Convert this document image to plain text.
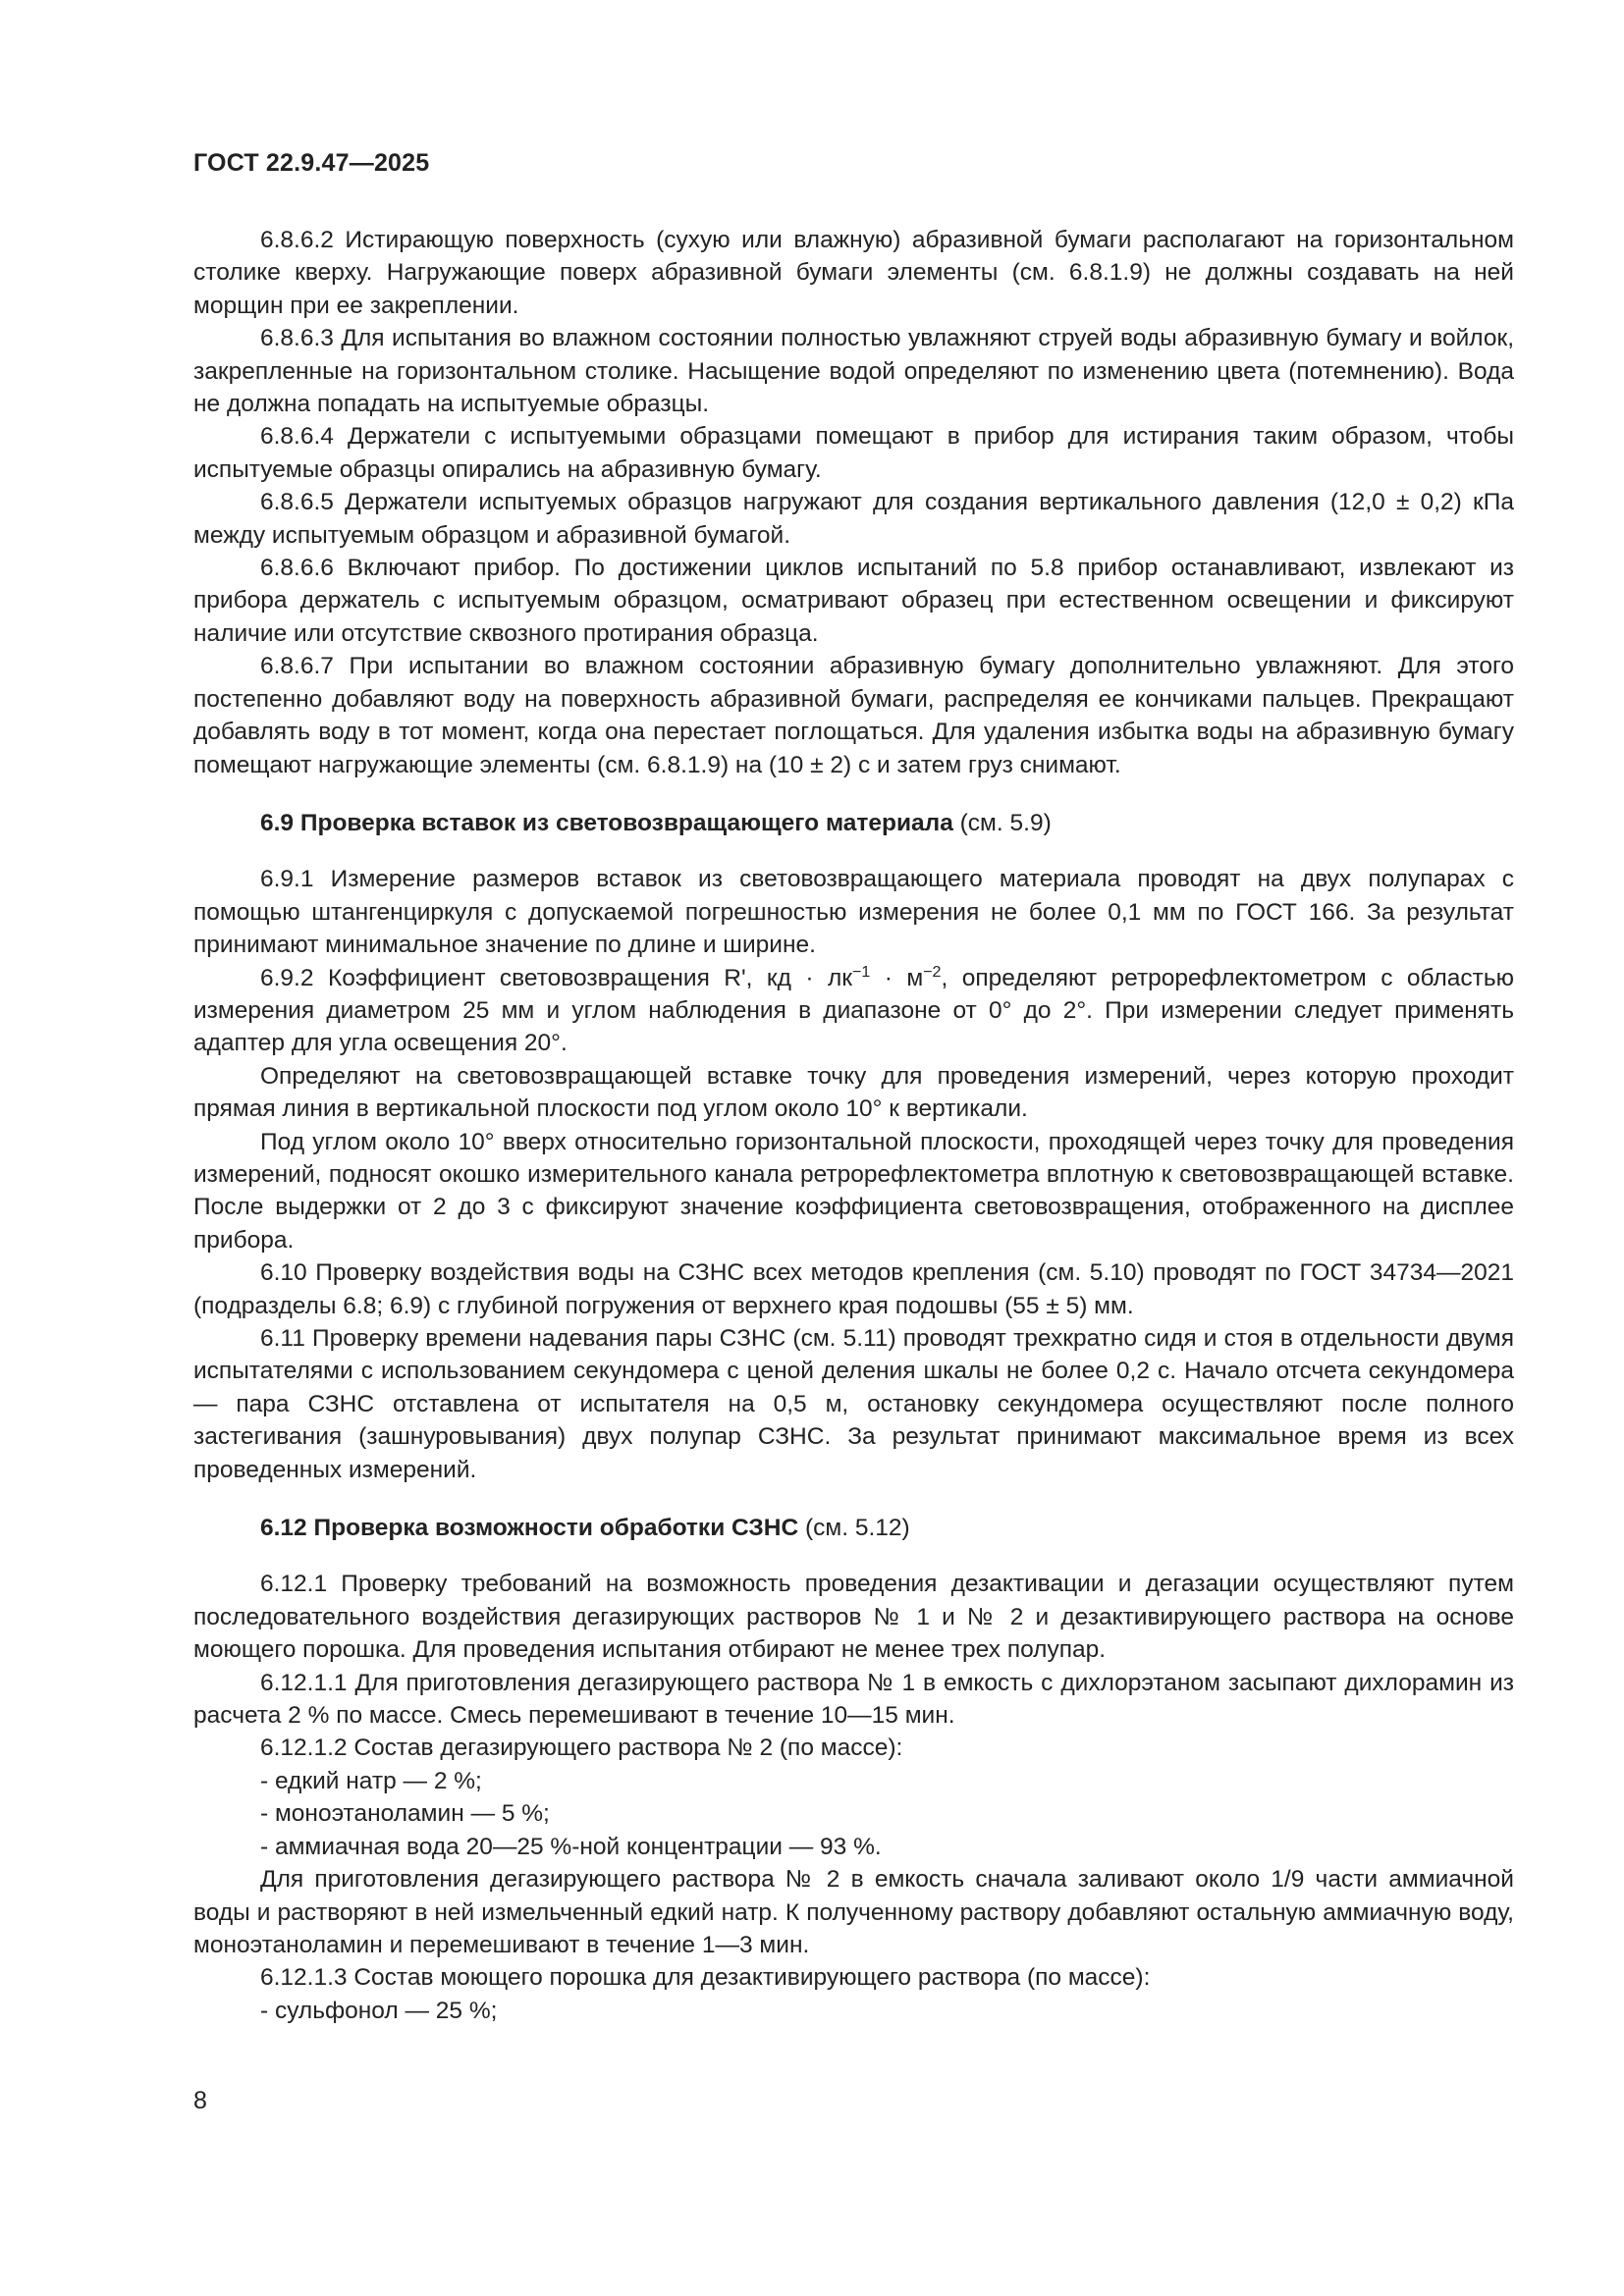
ГОСТ 22.9.47—2025

6.8.6.2 Истирающую поверхность (сухую или влажную) абразивной бумаги располагают на горизонтальном столике кверху. Нагружающие поверх абразивной бумаги элементы (см. 6.8.1.9) не должны создавать на ней морщин при ее закреплении.

6.8.6.3 Для испытания во влажном состоянии полностью увлажняют струей воды абразивную бумагу и войлок, закрепленные на горизонтальном столике. Насыщение водой определяют по изменению цвета (потемнению). Вода не должна попадать на испытуемые образцы.

6.8.6.4 Держатели с испытуемыми образцами помещают в прибор для истирания таким образом, чтобы испытуемые образцы опирались на абразивную бумагу.

6.8.6.5 Держатели испытуемых образцов нагружают для создания вертикального давления (12,0 ± 0,2) кПа между испытуемым образцом и абразивной бумагой.

6.8.6.6 Включают прибор. По достижении циклов испытаний по 5.8 прибор останавливают, извлекают из прибора держатель с испытуемым образцом, осматривают образец при естественном освещении и фиксируют наличие или отсутствие сквозного протирания образца.

6.8.6.7 При испытании во влажном состоянии абразивную бумагу дополнительно увлажняют. Для этого постепенно добавляют воду на поверхность абразивной бумаги, распределяя ее кончиками пальцев. Прекращают добавлять воду в тот момент, когда она перестает поглощаться. Для удаления избытка воды на абразивную бумагу помещают нагружающие элементы (см. 6.8.1.9) на (10 ± 2) с и затем груз снимают.

6.9 Проверка вставок из световозвращающего материала (см. 5.9)

6.9.1 Измерение размеров вставок из световозвращающего материала проводят на двух полупарах с помощью штангенциркуля с допускаемой погрешностью измерения не более 0,1 мм по ГОСТ 166. За результат принимают минимальное значение по длине и ширине.

6.9.2 Коэффициент световозвращения R', кд · $лк^{-1} \cdot м^{-2}$, определяют ретрорефлектометром с областью измерения диаметром 25 мм и углом наблюдения в диапазоне от 0° до 2°. При измерении следует применять адаптер для угла освещения 20°.

Определяют на световозвращающей вставке точку для проведения измерений, через которую проходит прямая линия в вертикальной плоскости под углом около 10° к вертикали.

Под углом около 10° вверх относительно горизонтальной плоскости, проходящей через точку для проведения измерений, подносят окошко измерительного канала ретрорефлектометра вплотную к световозвращающей вставке. После выдержки от 2 до 3 с фиксируют значение коэффициента световозвращения, отображенного на дисплее прибора.

6.10 Проверку воздействия воды на СЗНС всех методов крепления (см. 5.10) проводят по ГОСТ 34734—2021 (подразделы 6.8; 6.9) с глубиной погружения от верхнего края подошвы (55 ± 5) мм.

6.11 Проверку времени надевания пары СЗНС (см. 5.11) проводят трехкратно сидя и стоя в отдельности двумя испытателями с использованием секундомера с ценой деления шкалы не более 0,2 с. Начало отсчета секундомера — пара СЗНС отставлена от испытателя на 0,5 м, остановку секундомера осуществляют после полного застегивания (зашнуровывания) двух полупар СЗНС. За результат принимают максимальное время из всех проведенных измерений.

6.12 Проверка возможности обработки СЗНС (см. 5.12)

6.12.1 Проверку требований на возможность проведения дезактивации и дегазации осуществляют путем последовательного воздействия дегазирующих растворов № 1 и № 2 и дезактивирующего раствора на основе моющего порошка. Для проведения испытания отбирают не менее трех полупар.

6.12.1.1 Для приготовления дегазирующего раствора № 1 в емкость с дихлорэтаном засыпают дихлорамин из расчета 2 % по массе. Смесь перемешивают в течение 10—15 мин.

6.12.1.2 Состав дегазирующего раствора № 2 (по массе):

- едкий натр — 2 %;
- моноэтаноламин — 5 %;
- аммиачная вода 20—25 %-ной концентрации — 93 %.

Для приготовления дегазирующего раствора № 2 в емкость сначала заливают около 1/9 части аммиачной воды и растворяют в ней измельченный едкий натр. К полученному раствору добавляют остальную аммиачную воду, моноэтаноламин и перемешивают в течение 1—3 мин.

6.12.1.3 Состав моющего порошка для дезактивирующего раствора (по массе):

- сульфонол — 25 %;
8
